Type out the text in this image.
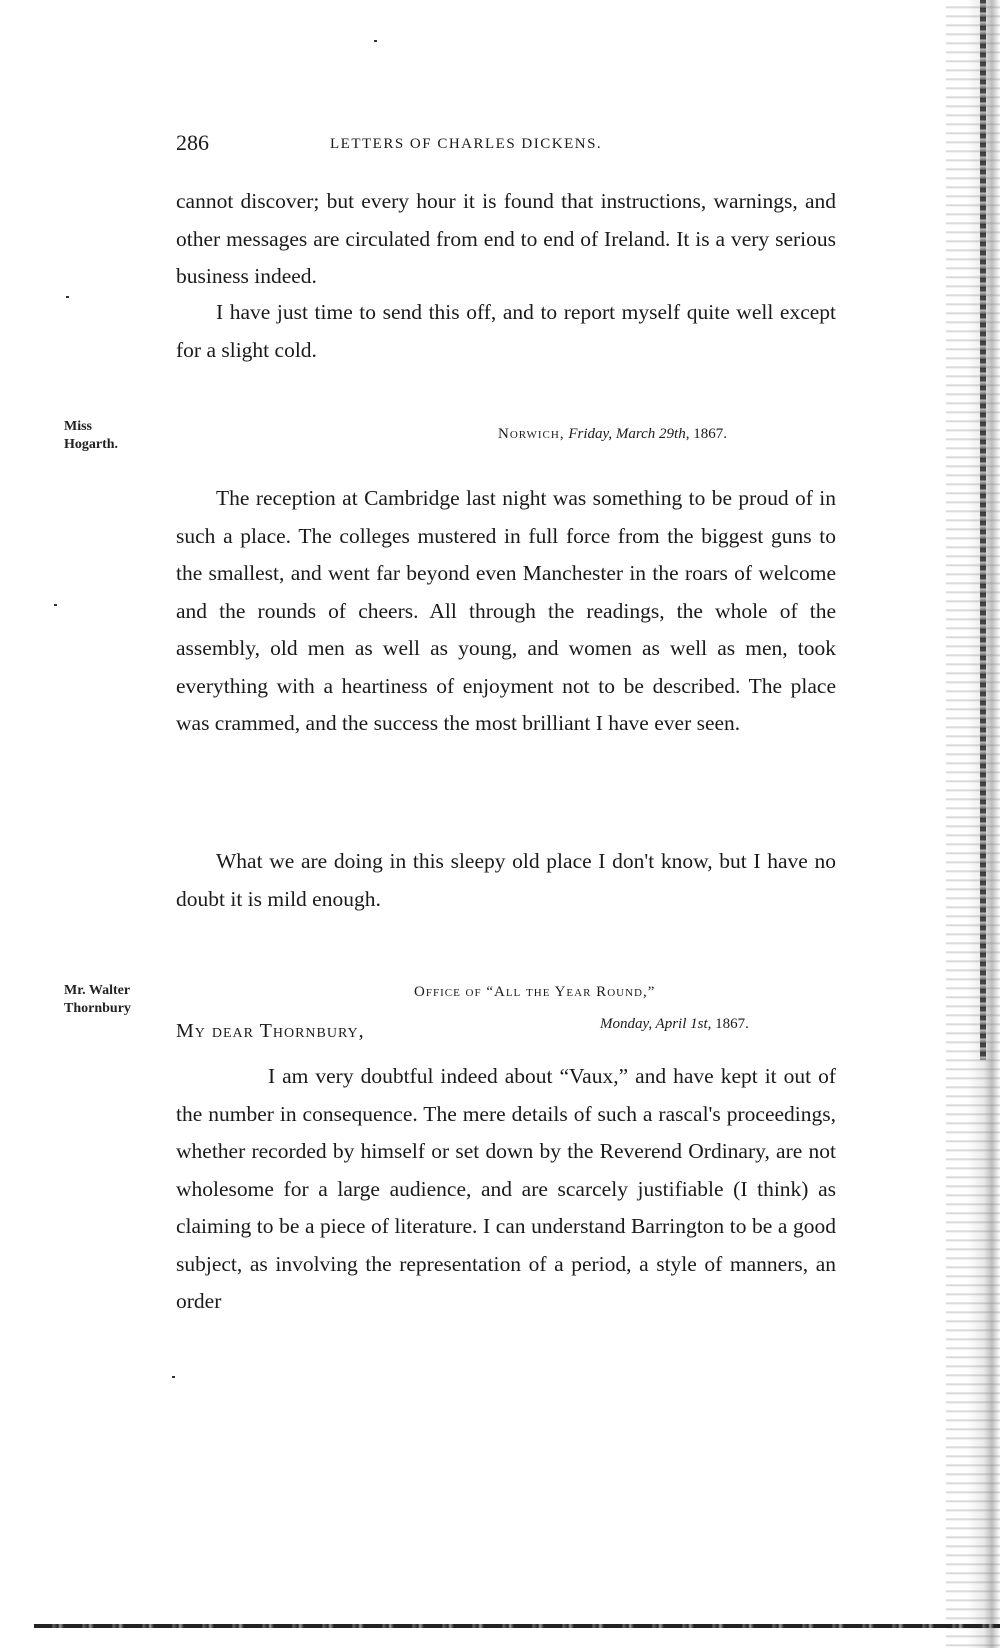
286	LETTERS OF CHARLES DICKENS.

cannot discover; but every hour it is found that instructions, warnings, and other messages are circulated from end to end of Ireland. It is a very serious business indeed.

I have just time to send this off, and to report myself quite well except for a slight cold.

Miss
Hogarth.
Norwich, Friday, March 29th, 1867.

The reception at Cambridge last night was something to be proud of in such a place. The colleges mustered in full force from the biggest guns to the smallest, and went far beyond even Manchester in the roars of welcome and the rounds of cheers. All through the readings, the whole of the assembly, old men as well as young, and women as well as men, took everything with a heartiness of enjoyment not to be described. The place was crammed, and the success the most brilliant I have ever seen.

What we are doing in this sleepy old place I don't know, but I have no doubt it is mild enough.

Mr. Walter
Thornbury
Office of “All the Year Round,”
Monday, April 1st, 1867.
My dear Thornbury,

I am very doubtful indeed about “Vaux,” and have kept it out of the number in consequence. The mere details of such a rascal's proceedings, whether recorded by himself or set down by the Reverend Ordinary, are not wholesome for a large audience, and are scarcely justifiable (I think) as claiming to be a piece of literature. I can understand Barrington to be a good subject, as involving the representation of a period, a style of manners, an order
